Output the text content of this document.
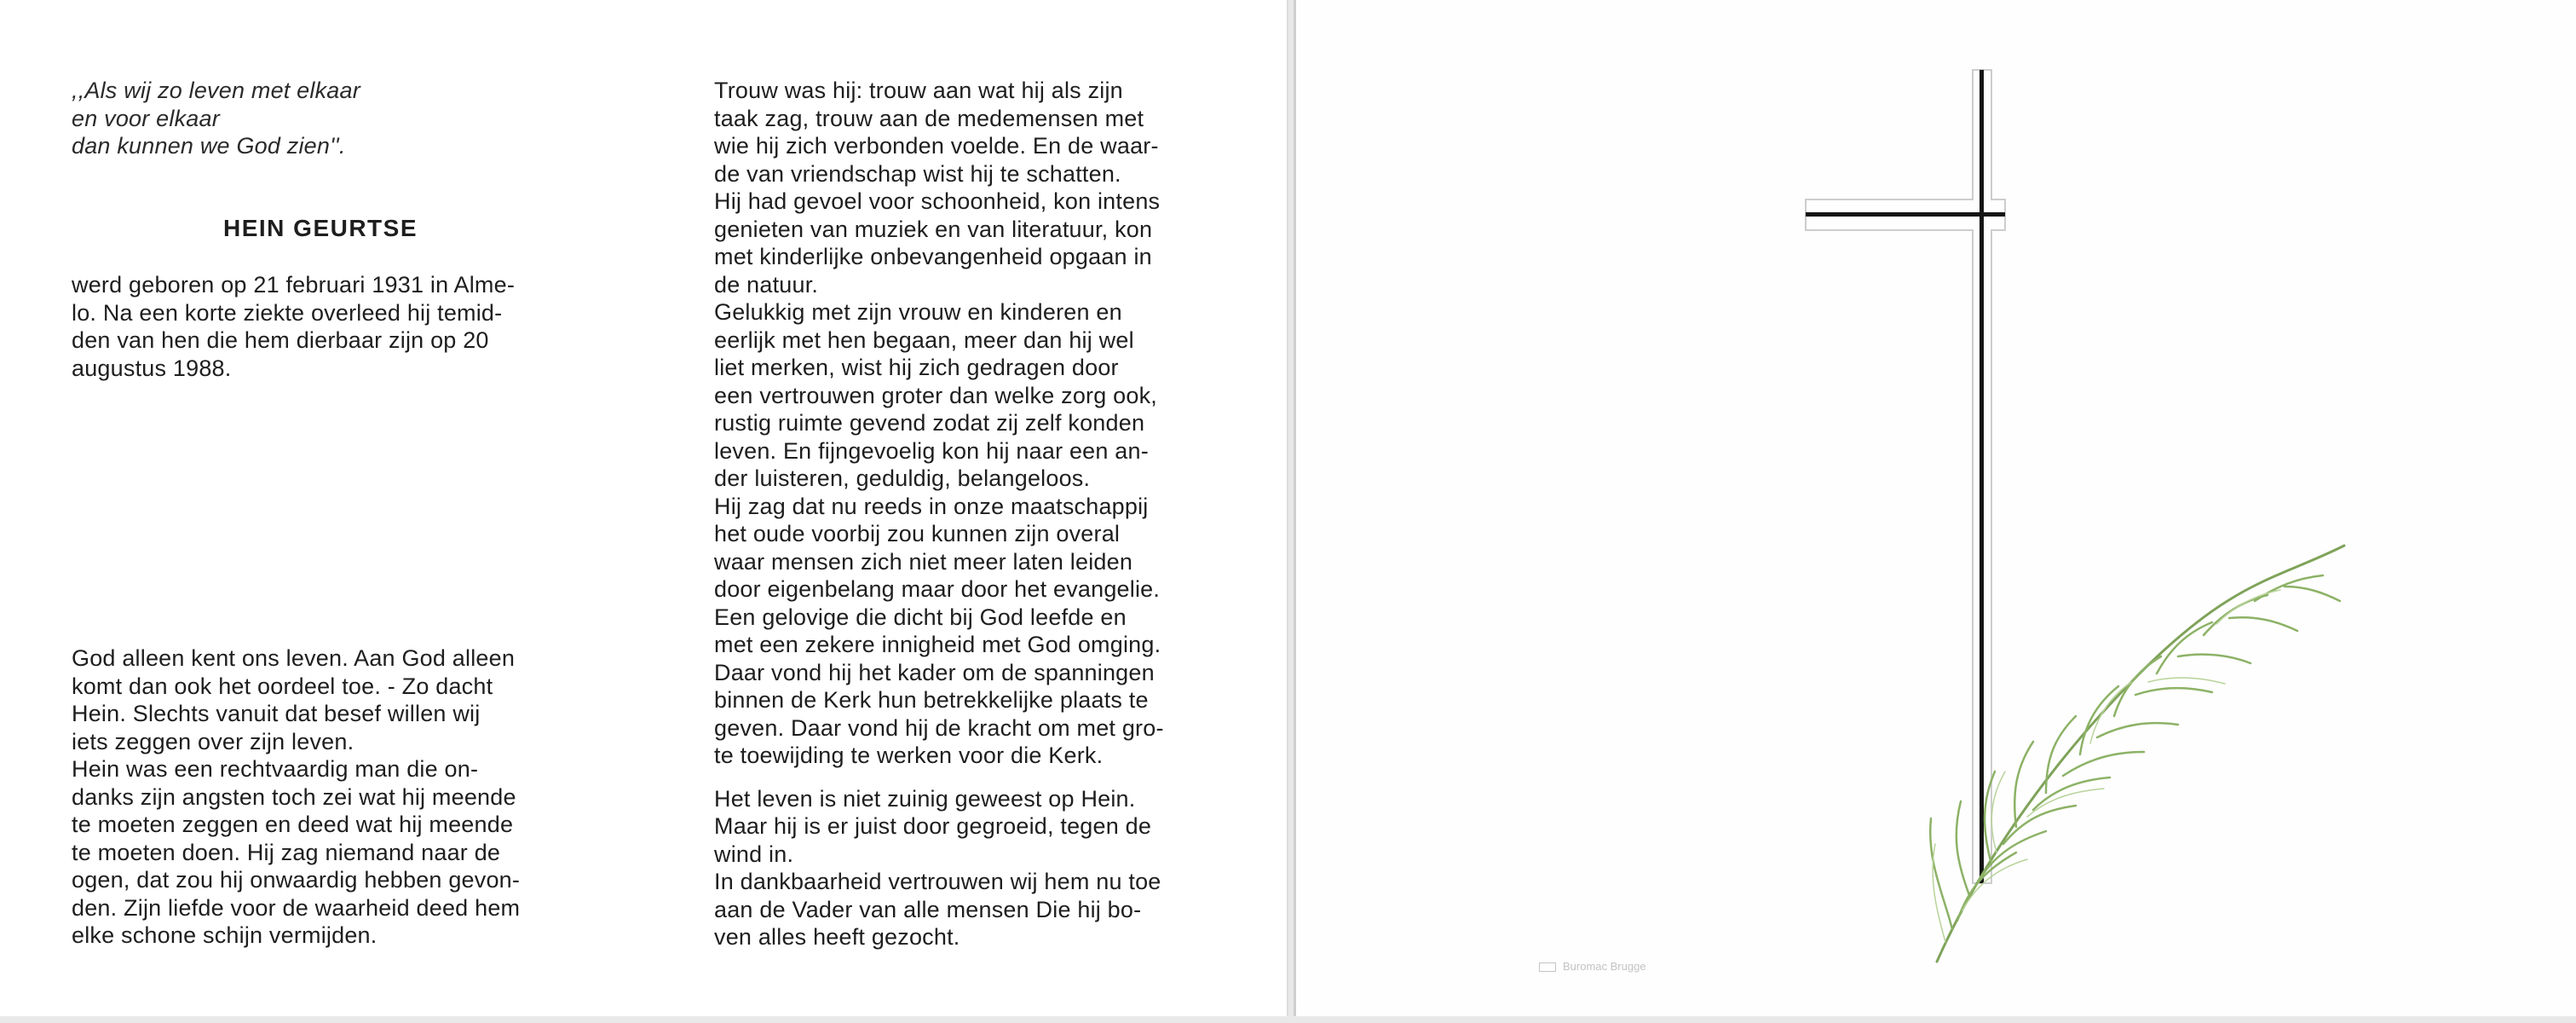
,,Als wij zo leven met elkaar

en voor elkaar

dan kunnen we God zien''.

HEIN GEURTSE

werd geboren op 21 februari 1931 in Alme-

lo. Na een korte ziekte overleed hij temid-

den van hen die hem dierbaar zijn op 20

augustus 1988.

God alleen kent ons leven. Aan God alleen

komt dan ook het oordeel toe. - Zo dacht

Hein. Slechts vanuit dat besef willen wij

iets zeggen over zijn leven.

Hein was een rechtvaardig man die on-

danks zijn angsten toch zei wat hij meende

te moeten zeggen en deed wat hij meende

te moeten doen. Hij zag niemand naar de

ogen, dat zou hij onwaardig hebben gevon-

den. Zijn liefde voor de waarheid deed hem

elke schone schijn vermijden.

Trouw was hij: trouw aan wat hij als zijn

taak zag, trouw aan de medemensen met

wie hij zich verbonden voelde. En de waar-

de van vriendschap wist hij te schatten.

Hij had gevoel voor schoonheid, kon intens

genieten van muziek en van literatuur, kon

met kinderlijke onbevangenheid opgaan in

de natuur.

Gelukkig met zijn vrouw en kinderen en

eerlijk met hen begaan, meer dan hij wel

liet merken, wist hij zich gedragen door

een vertrouwen groter dan welke zorg ook,

rustig ruimte gevend zodat zij zelf konden

leven. En fijngevoelig kon hij naar een an-

der luisteren, geduldig, belangeloos.

Hij zag dat nu reeds in onze maatschappij

het oude voorbij zou kunnen zijn overal

waar mensen zich niet meer laten leiden

door eigenbelang maar door het evangelie.

Een gelovige die dicht bij God leefde en

met een zekere innigheid met God omging.

Daar vond hij het kader om de spanningen

binnen de Kerk hun betrekkelijke plaats te

geven. Daar vond hij de kracht om met gro-

te toewijding te werken voor die Kerk.

Het leven is niet zuinig geweest op Hein.

Maar hij is er juist door gegroeid, tegen de

wind in.

In dankbaarheid vertrouwen wij hem nu toe

aan de Vader van alle mensen Die hij bo-

ven alles heeft gezocht.

Buromac Brugge
